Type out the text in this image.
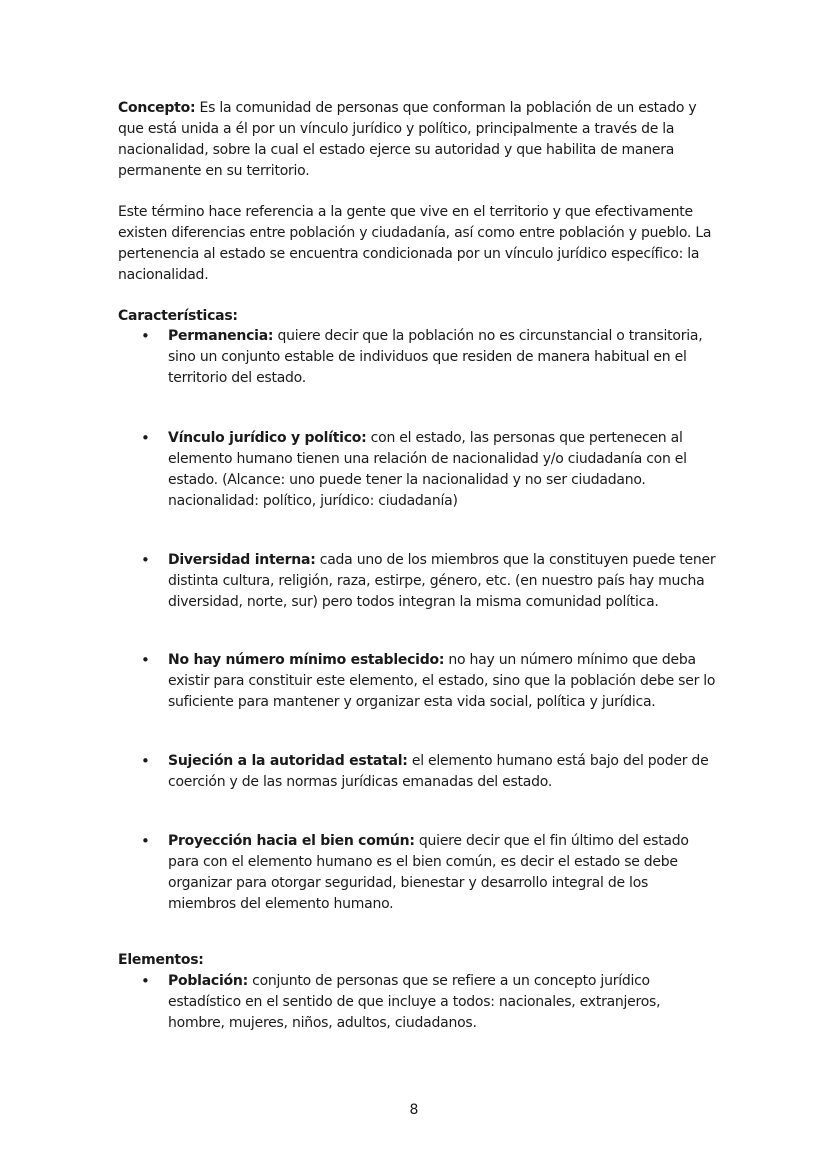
Concepto: Es la comunidad de personas que conforman la población de un estado y que está unida a él por un vínculo jurídico y político, principalmente a través de la nacionalidad, sobre la cual el estado ejerce su autoridad y que habilita de manera permanente en su territorio.

Este término hace referencia a la gente que vive en el territorio y que efectivamente existen diferencias entre población y ciudadanía, así como entre población y pueblo. La pertenencia al estado se encuentra condicionada por un vínculo jurídico específico: la nacionalidad.

Características:

• Permanencia: quiere decir que la población no es circunstancial o transitoria, sino un conjunto estable de individuos que residen de manera habitual en el territorio del estado.

• Vínculo jurídico y político: con el estado, las personas que pertenecen al elemento humano tienen una relación de nacionalidad y/o ciudadanía con el estado. (Alcance: uno puede tener la nacionalidad y no ser ciudadano. nacionalidad: político, jurídico: ciudadanía)

• Diversidad interna: cada uno de los miembros que la constituyen puede tener distinta cultura, religión, raza, estirpe, género, etc. (en nuestro país hay mucha diversidad, norte, sur) pero todos integran la misma comunidad política.

• No hay número mínimo establecido: no hay un número mínimo que deba existir para constituir este elemento, el estado, sino que la población debe ser lo suficiente para mantener y organizar esta vida social, política y jurídica.

• Sujeción a la autoridad estatal: el elemento humano está bajo del poder de coerción y de las normas jurídicas emanadas del estado.

• Proyección hacia el bien común: quiere decir que el fin último del estado para con el elemento humano es el bien común, es decir el estado se debe organizar para otorgar seguridad, bienestar y desarrollo integral de los miembros del elemento humano.

Elementos:

• Población: conjunto de personas que se refiere a un concepto jurídico estadístico en el sentido de que incluye a todos: nacionales, extranjeros, hombre, mujeres, niños, adultos, ciudadanos.

8
